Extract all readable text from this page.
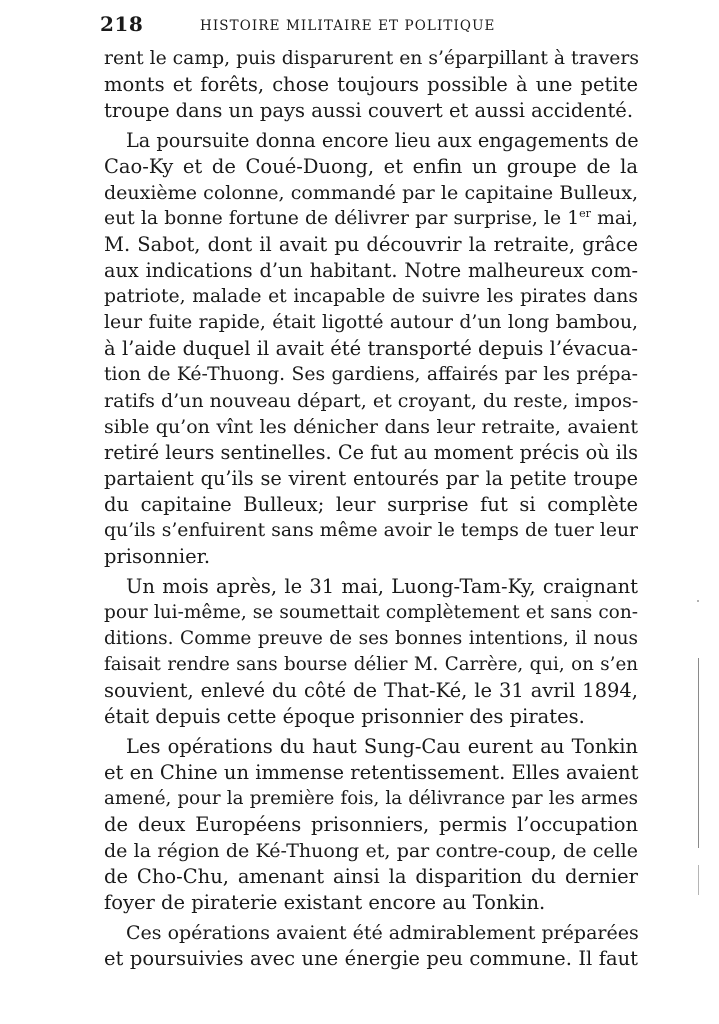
218	HISTOIRE MILITAIRE ET POLITIQUE
rent le camp, puis disparurent en s’éparpillant à travers
monts et forêts, chose toujours possible à une petite
troupe dans un pays aussi couvert et aussi accidenté.
La poursuite donna encore lieu aux engagements de
Cao-Ky et de Coué-Duong, et enfin un groupe de la
deuxième colonne, commandé par le capitaine Bulleux,
eut la bonne fortune de délivrer par surprise, le 1er mai,
M. Sabot, dont il avait pu découvrir la retraite, grâce
aux indications d’un habitant. Notre malheureux com-
patriote, malade et incapable de suivre les pirates dans
leur fuite rapide, était ligotté autour d’un long bambou,
à l’aide duquel il avait été transporté depuis l’évacua-
tion de Ké-Thuong. Ses gardiens, affairés par les prépa-
ratifs d’un nouveau départ, et croyant, du reste, impos-
sible qu’on vînt les dénicher dans leur retraite, avaient
retiré leurs sentinelles. Ce fut au moment précis où ils
partaient qu’ils se virent entourés par la petite troupe
du capitaine Bulleux; leur surprise fut si complète
qu’ils s’enfuirent sans même avoir le temps de tuer leur
prisonnier.
Un mois après, le 31 mai, Luong-Tam-Ky, craignant
pour lui-même, se soumettait complètement et sans con-
ditions. Comme preuve de ses bonnes intentions, il nous
faisait rendre sans bourse délier M. Carrère, qui, on s’en
souvient, enlevé du côté de That-Ké, le 31 avril 1894,
était depuis cette époque prisonnier des pirates.
Les opérations du haut Sung-Cau eurent au Tonkin
et en Chine un immense retentissement. Elles avaient
amené, pour la première fois, la délivrance par les armes
de deux Européens prisonniers, permis l’occupation
de la région de Ké-Thuong et, par contre-coup, de celle
de Cho-Chu, amenant ainsi la disparition du dernier
foyer de piraterie existant encore au Tonkin.
Ces opérations avaient été admirablement préparées
et poursuivies avec une énergie peu commune. Il faut
